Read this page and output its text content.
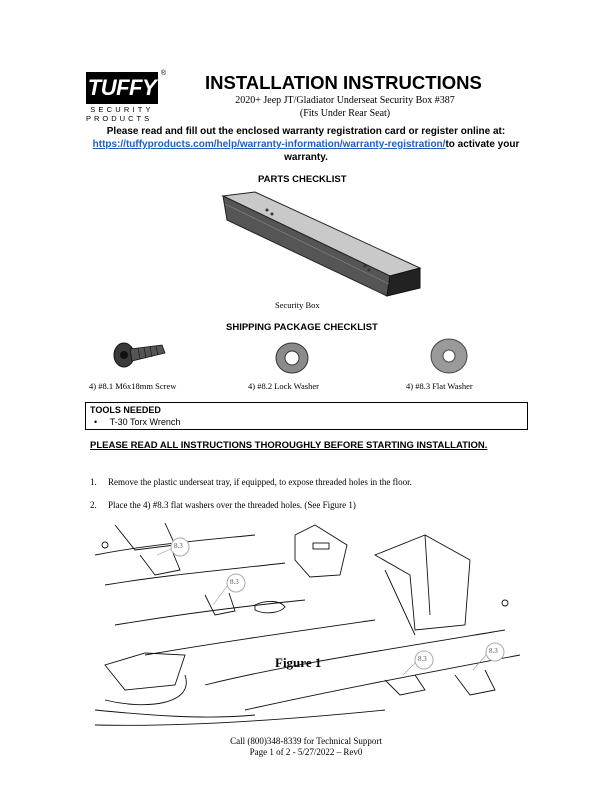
TUFFY
®
SECURITY
PRODUCTS
INSTALLATION INSTRUCTIONS
2020+ Jeep JT/Gladiator Underseat Security Box #387
(Fits Under Rear Seat)
Please read and fill out the enclosed warranty registration card or register online at:
https://tuffyproducts.com/help/warranty-information/warranty-registration/to activate your
warranty.
PARTS CHECKLIST
Security Box
SHIPPING PACKAGE CHECKLIST
4) #8.1 M6x18mm Screw	4) #8.2 Lock Washer	4) #8.3 Flat Washer
TOOLS NEEDED
•     T-30 Torx Wrench
PLEASE READ ALL INSTRUCTIONS THOROUGHLY BEFORE STARTING INSTALLATION.
1. Remove the plastic underseat tray, if equipped, to expose threaded holes in the floor.
2. Place the 4) #8.3 flat washers over the threaded holes. (See Figure 1)
8.3
8.3
8.3
8.3
Figure 1
Call (800)348-8339 for Technical Support
Page 1 of 2 - 5/27/2022 – Rev0
